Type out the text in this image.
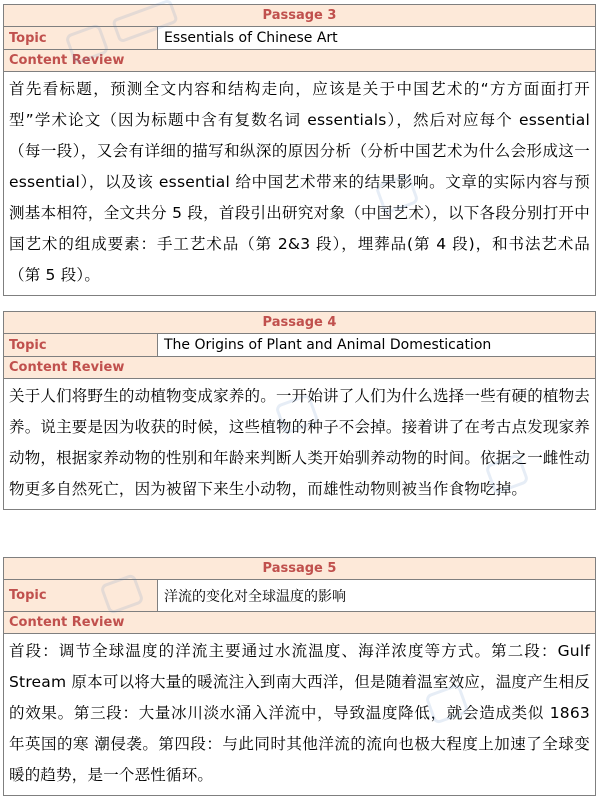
Passage 3
Topic	Essentials of Chinese Art
Content Review
首先看标题，预测全文内容和结构走向，应该是关于中国艺术的“方方面面打开型”学术论文（因为标题中含有复数名词 essentials），然后对应每个 essential（每一段），又会有详细的描写和纵深的原因分析（分析中国艺术为什么会形成这一 essential），以及该 essential 给中国艺术带来的结果影响。文章的实际内容与预测基本相符，全文共分 5 段，首段引出研究对象（中国艺术），以下各段分别打开中国艺术的组成要素：手工艺术品（第 2&3 段），埋葬品(第 4 段)，和书法艺术品（第 5 段）。
Passage 4
Topic	The Origins of Plant and Animal Domestication
Content Review
关于人们将野生的动植物变成家养的。一开始讲了人们为什么选择一些有硬的植物去养。说主要是因为收获的时候，这些植物的种子不会掉。接着讲了在考古点发现家养动物，根据家养动物的性别和年龄来判断人类开始驯养动物的时间。依据之一雌性动物更多自然死亡，因为被留下来生小动物，而雄性动物则被当作食物吃掉。
Passage 5
Topic	洋流的变化对全球温度的影响
Content Review
首段：调节全球温度的洋流主要通过水流温度、海洋浓度等方式。第二段：Gulf Stream 原本可以将大量的暖流注入到南大西洋，但是随着温室效应，温度产生相反的效果。第三段：大量冰川淡水涌入洋流中，导致温度降低，就会造成类似 1863 年英国的寒 潮侵袭。第四段：与此同时其他洋流的流向也极大程度上加速了全球变暖的趋势，是一个恶性循环。
